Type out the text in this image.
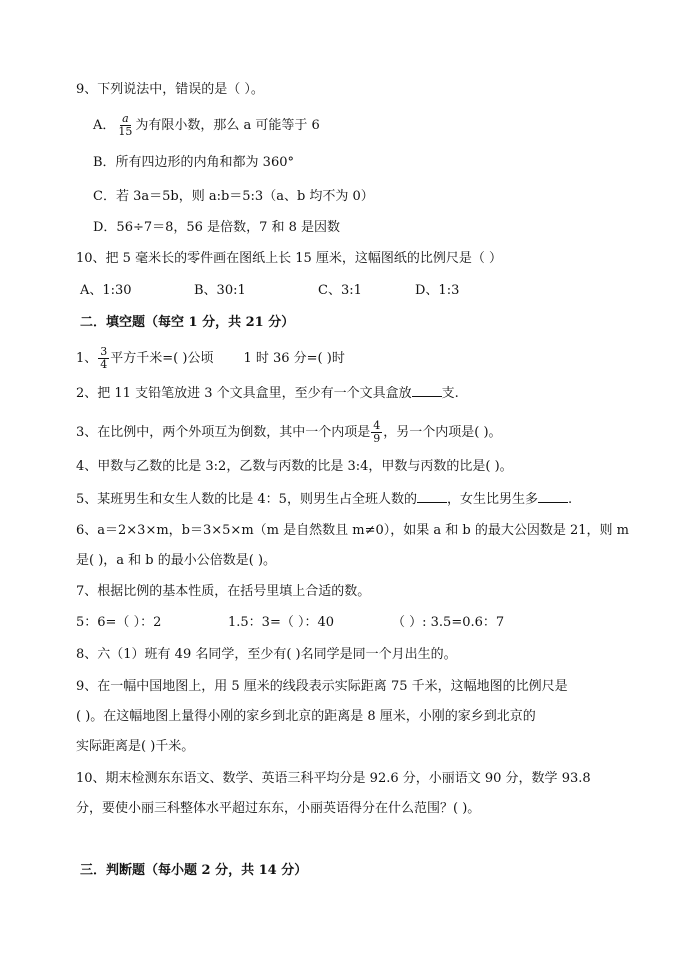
9、下列说法中，错误的是（ ）。
A． $\frac{a}{15}$ 为有限小数，那么 a 可能等于 6
B．所有四边形的内角和都为 360°
C．若 3a＝5b，则 a:b＝5:3（a、b 均不为 0）
D．56÷7＝8，56 是倍数，7 和 8 是因数
10、把 5 毫米长的零件画在图纸上长 15 厘米，这幅图纸的比例尺是（ ）
A、1:30	B、30:1	C、3:1	D、1:3
二．填空题（每空 1 分，共 21 分）
1、 $\frac{3}{4}$ 平方千米=( )公顷 1 时 36 分=( )时
2、把 11 支铅笔放进 3 个文具盒里，至少有一个文具盒放 支.
3、在比例中，两个外项互为倒数，其中一个内项是 $\frac{4}{9}$ ，另一个内项是( )。
4、甲数与乙数的比是 3:2，乙数与丙数的比是 3:4，甲数与丙数的比是( )。
5、某班男生和女生人数的比是 4：5，则男生占全班人数的 ，女生比男生多 .
6、a＝2×3×m，b＝3×5×m（m 是自然数且 m≠0），如果 a 和 b 的最大公因数是 21，则 m
是( )，a 和 b 的最小公倍数是( )。
7、根据比例的基本性质，在括号里填上合适的数。
5：6=（ ）：2	1.5：3=（ ）：40	（ ）: 3.5=0.6：7
8、六（1）班有 49 名同学，至少有( )名同学是同一个月出生的。
9、在一幅中国地图上，用 5 厘米的线段表示实际距离 75 千米，这幅地图的比例尺是
( )。在这幅地图上量得小刚的家乡到北京的距离是 8 厘米，小刚的家乡到北京的
实际距离是( )千米。
10、期末检测东东语文、数学、英语三科平均分是 92.6 分，小丽语文 90 分，数学 93.8
分，要使小丽三科整体水平超过东东，小丽英语得分在什么范围？( )。
三．判断题（每小题 2 分，共 14 分）
